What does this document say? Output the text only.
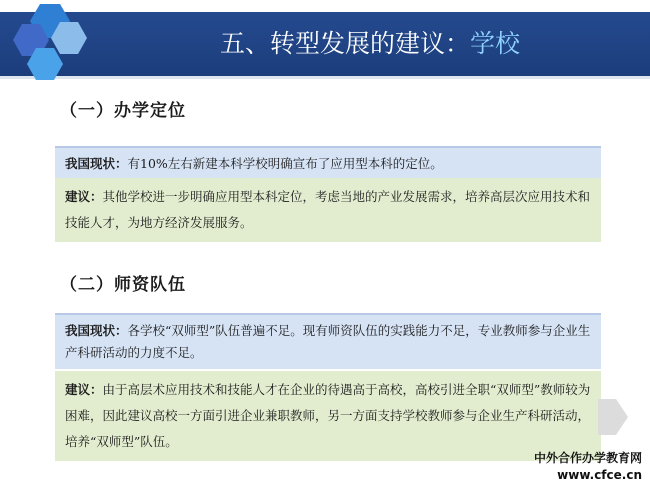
五、转型发展的建议：学校
（一）办学定位
我国现状：有10%左右新建本科学校明确宣布了应用型本科的定位。
建议：其他学校进一步明确应用型本科定位，考虑当地的产业发展需求，培养高层次应用技术和技能人才，为地方经济发展服务。
（二）师资队伍
我国现状：各学校“双师型”队伍普遍不足。现有师资队伍的实践能力不足，专业教师参与企业生产科研活动的力度不足。
建议：由于高层术应用技术和技能人才在企业的待遇高于高校，高校引进全职“双师型”教师较为困难，因此建议高校一方面引进企业兼职教师，另一方面支持学校教师参与企业生产科研活动，培养“双师型”队伍。
中外合作办学教育网
www.cfce.cn
